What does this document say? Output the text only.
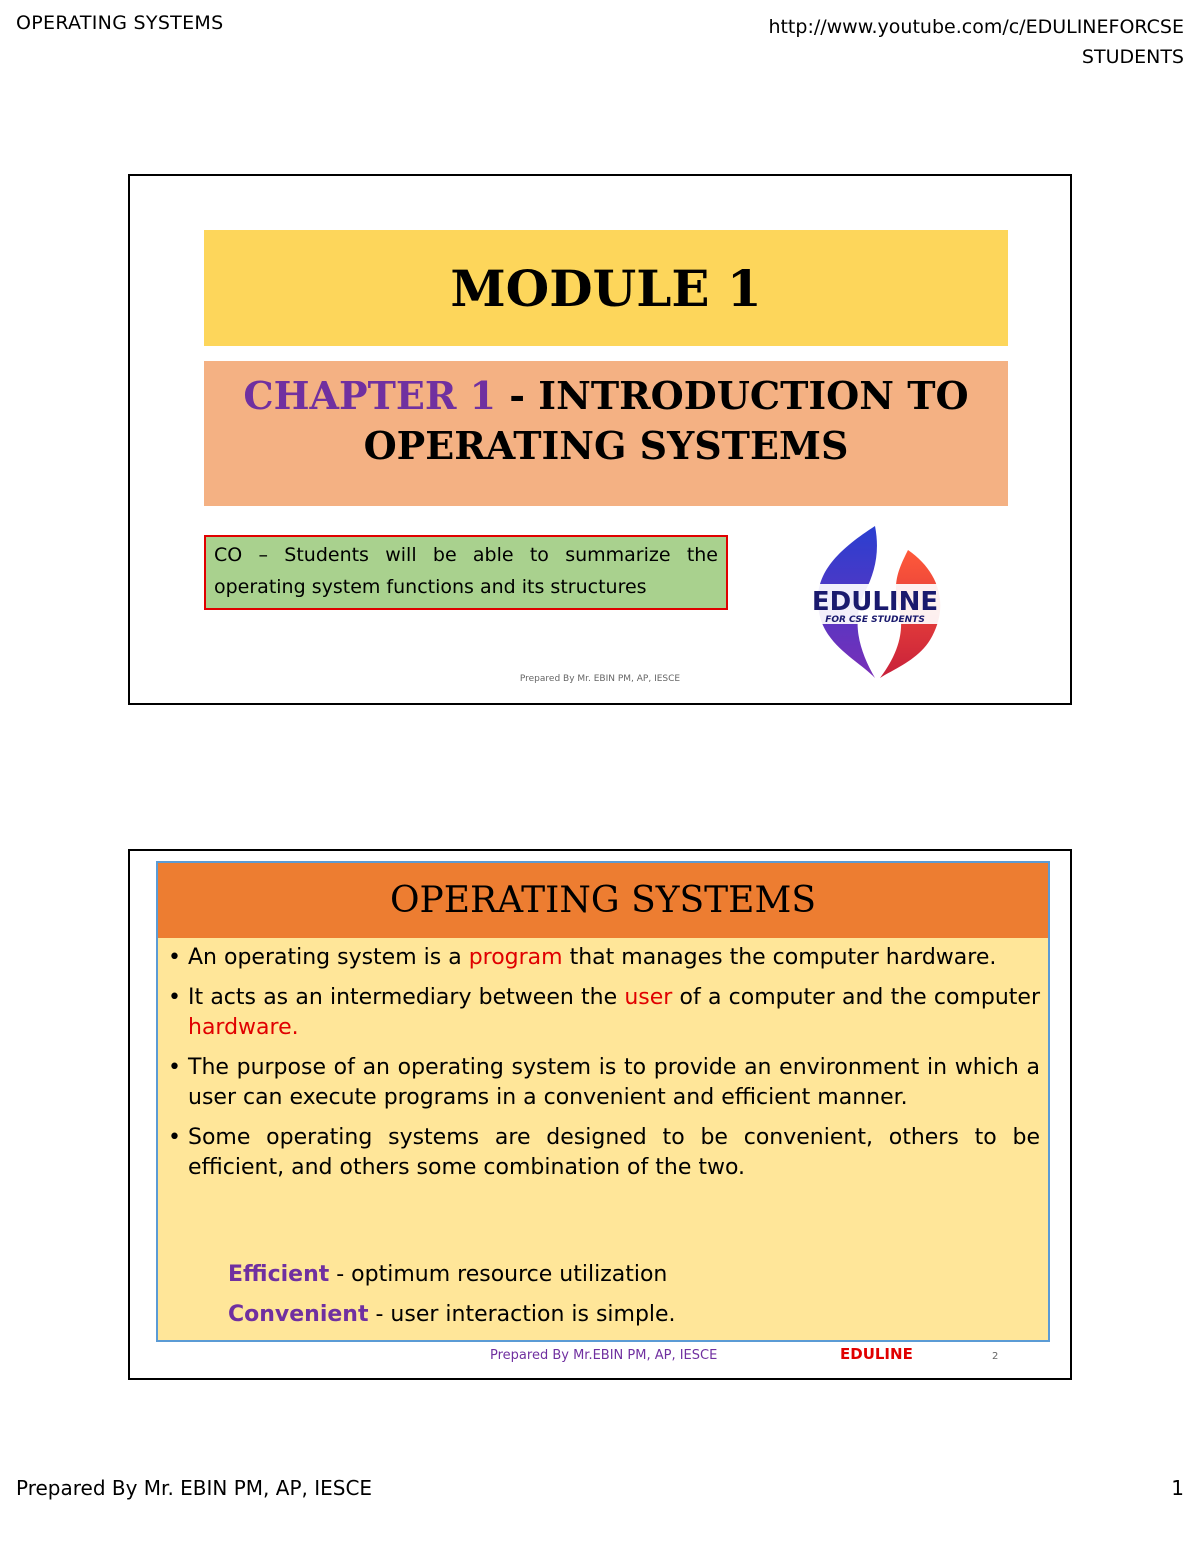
OPERATING SYSTEMS	http://www.youtube.com/c/EDULINEFORCSE
STUDENTS
MODULE 1
CHAPTER 1 - INTRODUCTION TO
OPERATING SYSTEMS
CO – Students will be able to summarize the operating system functions and its structures	EDULINE
FOR CSE STUDENTS
Prepared By Mr. EBIN PM, AP, IESCE
OPERATING SYSTEMS
• An operating system is a program that manages the computer hardware.
• It acts as an intermediary between the user of a computer and the computer hardware.
• The purpose of an operating system is to provide an environment in which a user can execute programs in a convenient and efficient manner.
• Some operating systems are designed to be convenient, others to be efficient, and others some combination of the two.
Efficient - optimum resource utilization
Convenient - user interaction is simple.
Prepared By Mr.EBIN PM, AP, IESCE	EDULINE	2
Prepared By Mr. EBIN PM, AP, IESCE	1
